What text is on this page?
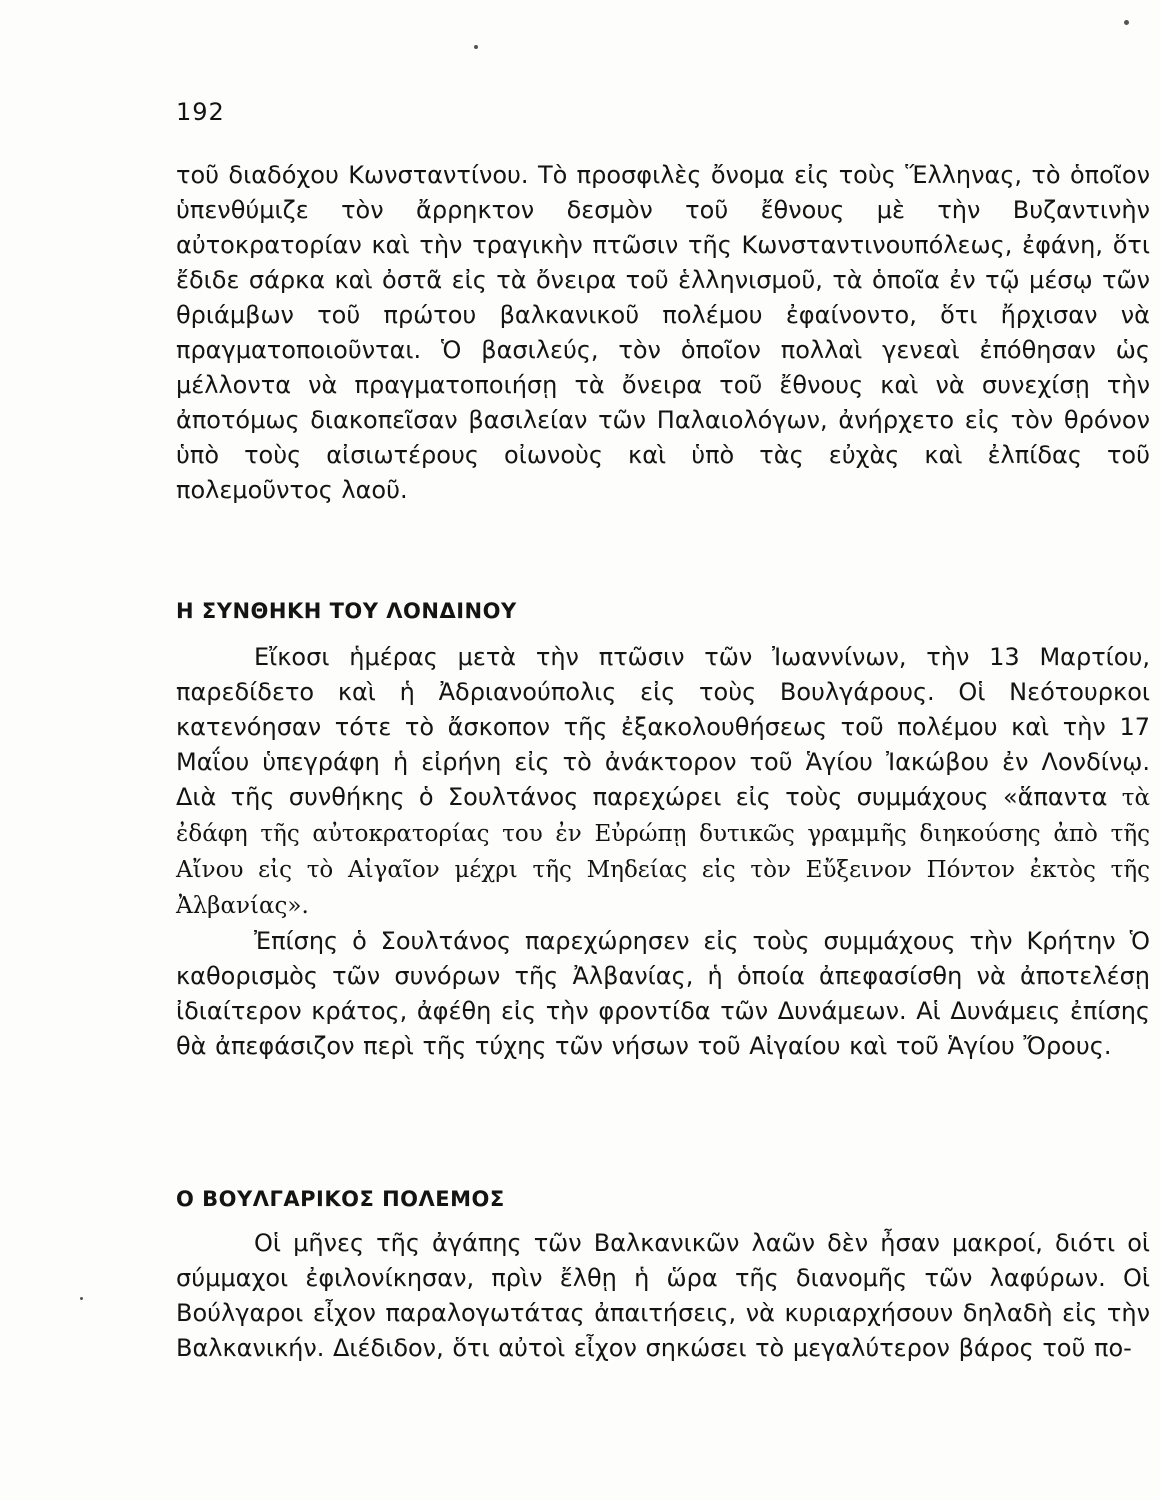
192

τοῦ διαδόχου Κωνσταντίνου. Τὸ προσφιλὲς ὄνομα εἰς τοὺς Ἕλληνας, τὸ ὁποῖον ὑπενθύμιζε τὸν ἄρρηκτον δεσμὸν τοῦ ἔθνους μὲ τὴν Βυζαντινὴν αὐτοκρατορίαν καὶ τὴν τραγικὴν πτῶσιν τῆς Κωνσταντινουπόλεως, ἐφάνη, ὅτι ἔδιδε σάρκα καὶ ὀστᾶ εἰς τὰ ὄνειρα τοῦ ἑλληνισμοῦ, τὰ ὁποῖα ἐν τῷ μέσῳ τῶν θριάμβων τοῦ πρώτου βαλκανικοῦ πολέμου ἐφαίνοντο, ὅτι ἤρχισαν νὰ πραγματοποιοῦνται. Ὁ βασιλεύς, τὸν ὁποῖον πολλαὶ γενεαὶ ἐπόθησαν ὡς μέλλοντα νὰ πραγματοποιήσῃ τὰ ὄνειρα τοῦ ἔθνους καὶ νὰ συνεχίσῃ τὴν ἀποτόμως διακοπεῖσαν βασιλείαν τῶν Παλαιολόγων, ἀνήρχετο εἰς τὸν θρόνον ὑπὸ τοὺς αἰσιωτέρους οἰωνοὺς καὶ ὑπὸ τὰς εὐχὰς καὶ ἐλπίδας τοῦ πολεμοῦντος λαοῦ.

Η ΣΥΝΘΗΚΗ ΤΟΥ ΛΟΝΔΙΝΟΥ

Εἴκοσι ἡμέρας μετὰ τὴν πτῶσιν τῶν Ἰωαννίνων, τὴν 13 Μαρτίου, παρεδίδετο καὶ ἡ Ἀδριανούπολις εἰς τοὺς Βουλγάρους. Οἱ Νεότουρκοι κατενόησαν τότε τὸ ἄσκοπον τῆς ἐξακολουθήσεως τοῦ πολέμου καὶ τὴν 17 Μαΐου ὑπεγράφη ἡ εἰρήνη εἰς τὸ ἀνάκτορον τοῦ Ἁγίου Ἰακώβου ἐν Λονδίνῳ. Διὰ τῆς συνθήκης ὁ Σουλτάνος παρεχώρει εἰς τοὺς συμμάχους «ἅπαντα τὰ ἐδάφη τῆς αὐτοκρατορίας του ἐν Εὐρώπῃ δυτικῶς γραμμῆς διηκούσης ἀπὸ τῆς Αἴνου εἰς τὸ Αἰγαῖον μέχρι τῆς Μηδείας εἰς τὸν Εὔξεινον Πόντον ἐκτὸς τῆς Ἀλβανίας».

Ἐπίσης ὁ Σουλτάνος παρεχώρησεν εἰς τοὺς συμμάχους τὴν Κρήτην Ὁ καθορισμὸς τῶν συνόρων τῆς Ἀλβανίας, ἡ ὁποία ἀπεφασίσθη νὰ ἀποτελέσῃ ἰδιαίτερον κράτος, ἀφέθη εἰς τὴν φροντίδα τῶν Δυνάμεων. Αἱ Δυνάμεις ἐπίσης θὰ ἀπεφάσιζον περὶ τῆς τύχης τῶν νήσων τοῦ Αἰγαίου καὶ τοῦ Ἁγίου Ὄρους.

Ο ΒΟΥΛΓΑΡΙΚΟΣ ΠΟΛΕΜΟΣ

Οἱ μῆνες τῆς ἀγάπης τῶν Βαλκανικῶν λαῶν δὲν ἦσαν μακροί, διότι οἱ σύμμαχοι ἐφιλονίκησαν, πρὶν ἔλθῃ ἡ ὥρα τῆς διανομῆς τῶν λαφύρων. Οἱ Βούλγαροι εἶχον παραλογωτάτας ἀπαιτήσεις, νὰ κυριαρχήσουν δηλαδὴ εἰς τὴν Βαλκανικήν. Διέδιδον, ὅτι αὐτοὶ εἶχον σηκώσει τὸ μεγαλύτερον βάρος τοῦ πο-
